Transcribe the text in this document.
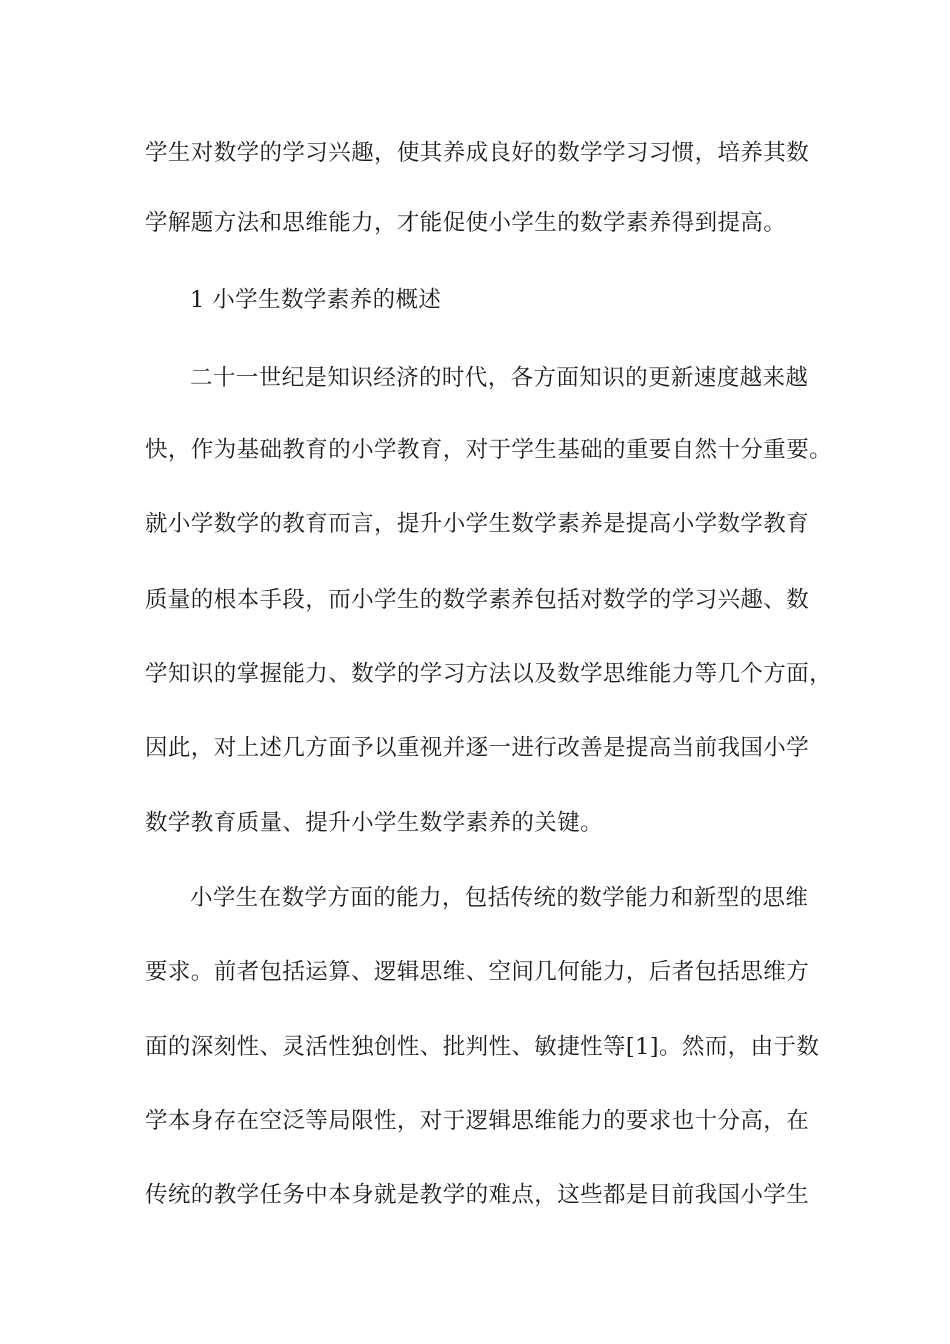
学生对数学的学习兴趣，使其养成良好的数学学习习惯，培养其数

学解题方法和思维能力，才能促使小学生的数学素养得到提高。

1 小学生数学素养的概述

二十一世纪是知识经济的时代，各方面知识的更新速度越来越

快，作为基础教育的小学教育，对于学生基础的重要自然十分重要。

就小学数学的教育而言，提升小学生数学素养是提高小学数学教育

质量的根本手段，而小学生的数学素养包括对数学的学习兴趣、数

学知识的掌握能力、数学的学习方法以及数学思维能力等几个方面，

因此，对上述几方面予以重视并逐一进行改善是提高当前我国小学

数学教育质量、提升小学生数学素养的关键。

小学生在数学方面的能力，包括传统的数学能力和新型的思维

要求。前者包括运算、逻辑思维、空间几何能力，后者包括思维方

面的深刻性、灵活性独创性、批判性、敏捷性等[1]。然而，由于数

学本身存在空泛等局限性，对于逻辑思维能力的要求也十分高，在

传统的教学任务中本身就是教学的难点，这些都是目前我国小学生
